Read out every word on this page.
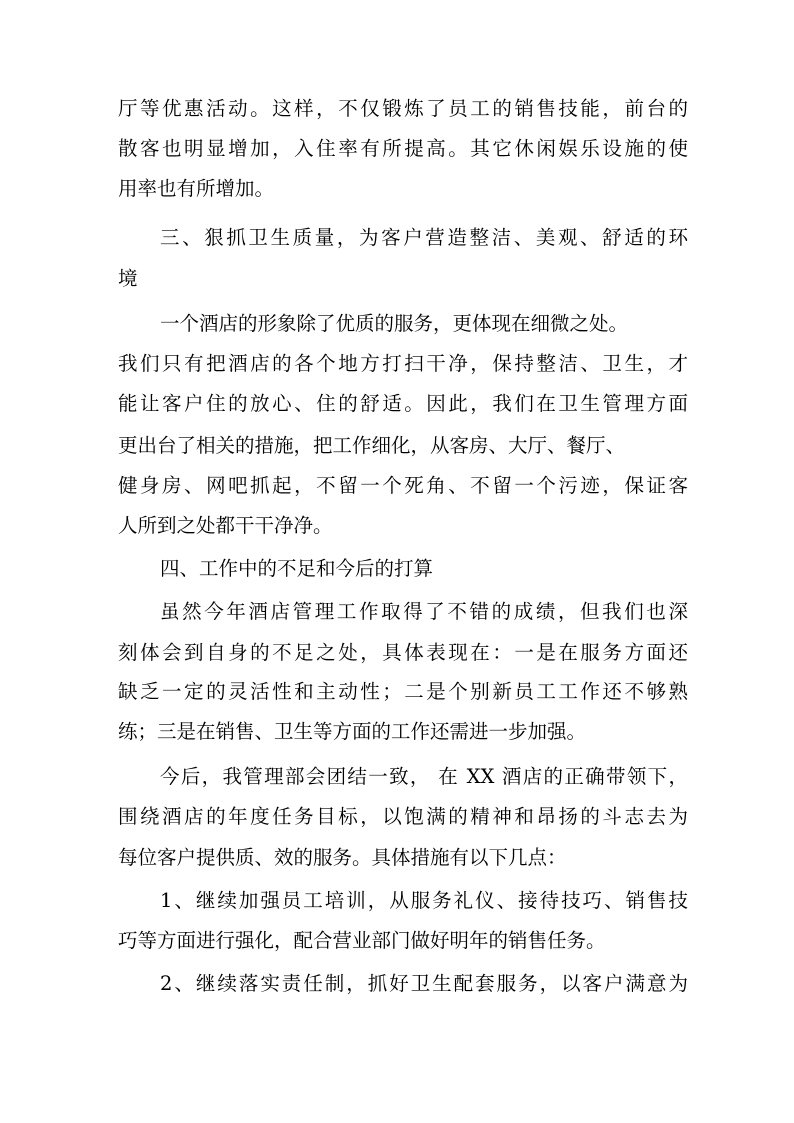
厅等优惠活动。这样，不仅锻炼了员工的销售技能，前台的
散客也明显增加，入住率有所提高。其它休闲娱乐设施的使
用率也有所增加。
三、狠抓卫生质量，为客户营造整洁、美观、舒适的环
境
一个酒店的形象除了优质的服务，更体现在细微之处。
我们只有把酒店的各个地方打扫干净，保持整洁、卫生，才
能让客户住的放心、住的舒适。因此，我们在卫生管理方面
更出台了相关的措施，把工作细化，从客房、大厅、餐厅、
健身房、网吧抓起，不留一个死角、不留一个污迹，保证客
人所到之处都干干净净。
四、工作中的不足和今后的打算
虽然今年酒店管理工作取得了不错的成绩，但我们也深
刻体会到自身的不足之处，具体表现在：一是在服务方面还
缺乏一定的灵活性和主动性；二是个别新员工工作还不够熟
练；三是在销售、卫生等方面的工作还需进一步加强。
今后，我管理部会团结一致， 在 XX 酒店的正确带领下，
围绕酒店的年度任务目标，以饱满的精神和昂扬的斗志去为
每位客户提供质、效的服务。具体措施有以下几点：
1、继续加强员工培训，从服务礼仪、接待技巧、销售技
巧等方面进行强化，配合营业部门做好明年的销售任务。
2、继续落实责任制，抓好卫生配套服务，以客户满意为
